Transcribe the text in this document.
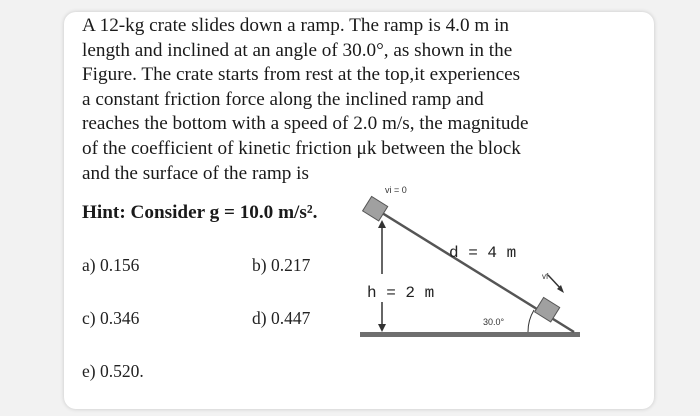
A 12-kg crate slides down a ramp. The ramp is 4.0 m in
length and inclined at an angle of 30.0°, as shown in the
Figure. The crate starts from rest at the top,it experiences
a constant friction force along the inclined ramp and
reaches the bottom with a speed of 2.0 m/s, the magnitude
of the coefficient of kinetic friction μk between the block
and the surface of the ramp is
Hint: Consider g = 10.0 m/s².
a) 0.156	b) 0.217
c) 0.346	d) 0.447
e) 0.520.
vi = 0
d = 4 m
h = 2 m
30.0°
vf
